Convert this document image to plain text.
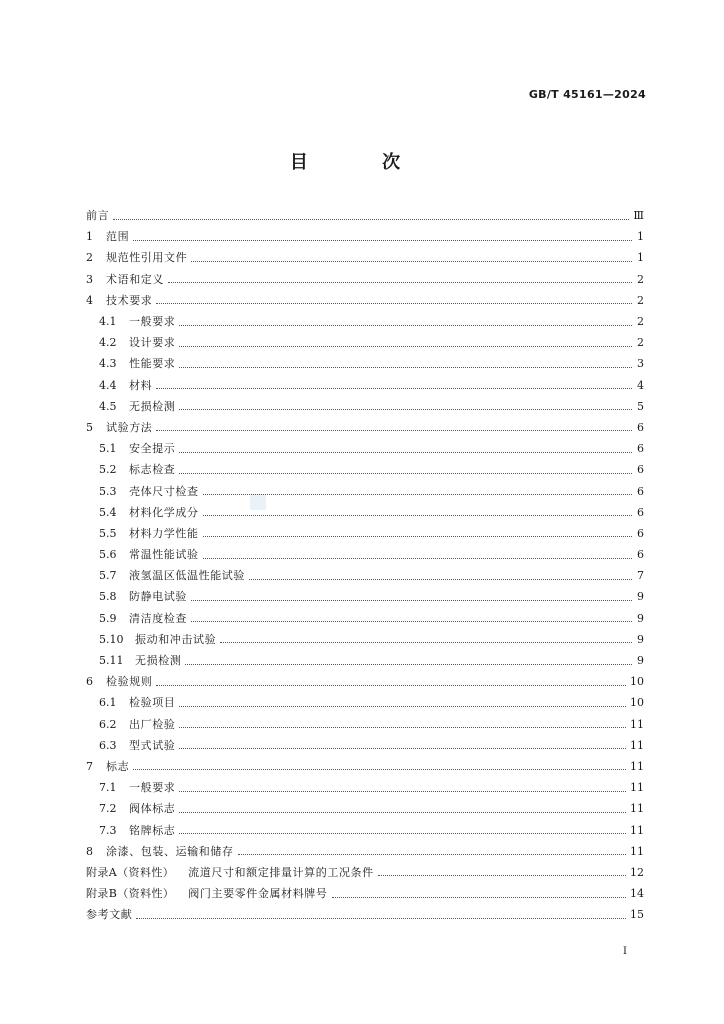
GB/T 45161—2024
目 次
前言	Ⅲ
1	范围	1
2	规范性引用文件	1
3	术语和定义	2
4	技术要求	2
4.1	一般要求	2
4.2	设计要求	2
4.3	性能要求	3
4.4	材料	4
4.5	无损检测	5
5	试验方法	6
5.1	安全提示	6
5.2	标志检查	6
5.3	壳体尺寸检查	6
5.4	材料化学成分	6
5.5	材料力学性能	6
5.6	常温性能试验	6
5.7	液氢温区低温性能试验	7
5.8	防静电试验	9
5.9	清洁度检查	9
5.10	振动和冲击试验	9
5.11	无损检测	9
6	检验规则	10
6.1	检验项目	10
6.2	出厂检验	11
6.3	型式试验	11
7	标志	11
7.1	一般要求	11
7.2	阀体标志	11
7.3	铭牌标志	11
8	涂漆、包装、运输和储存	11
附录A（资料性） 流道尺寸和额定排量计算的工况条件	12
附录B（资料性） 阀门主要零件金属材料牌号	14
参考文献	15
I
